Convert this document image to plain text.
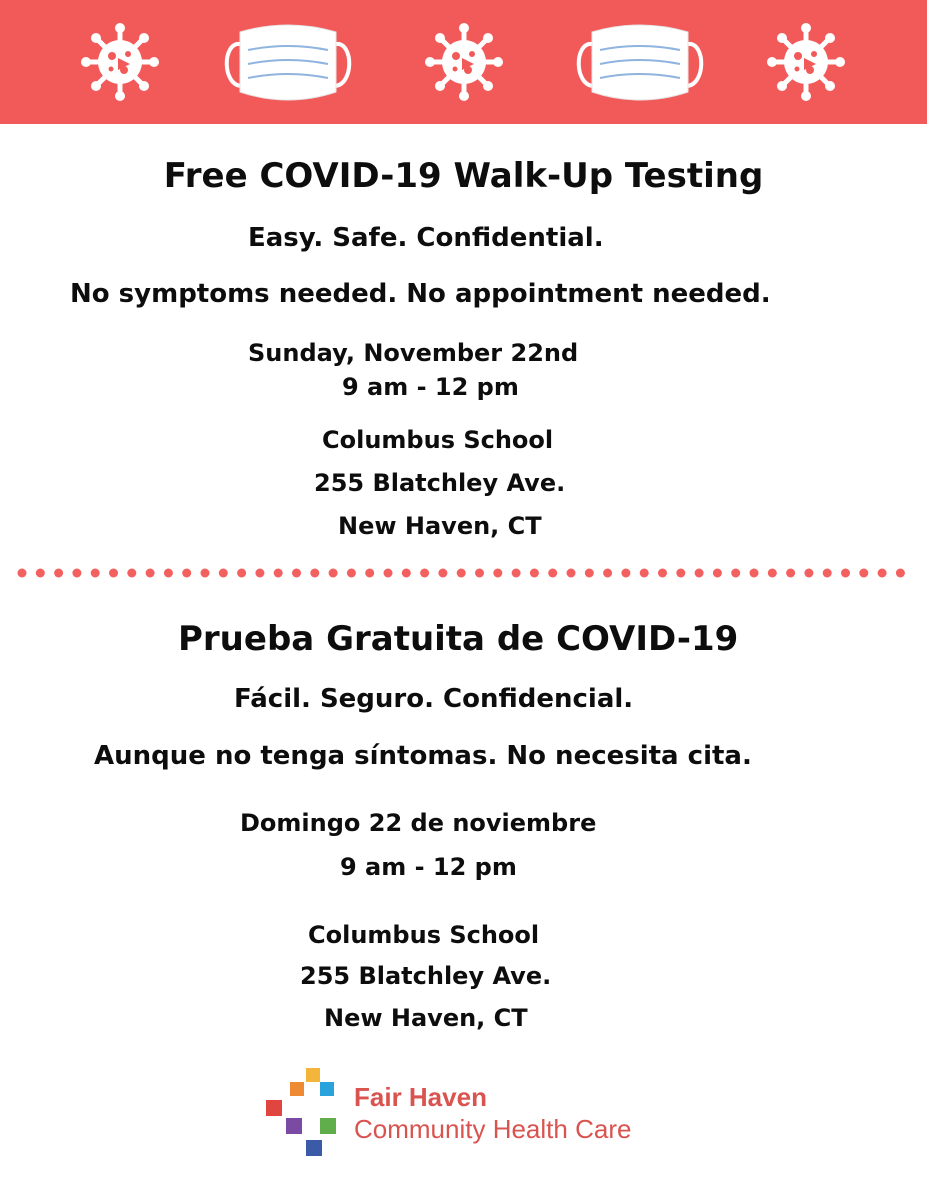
Free COVID-19 Walk-Up Testing

Easy. Safe. Confidential.

No symptoms needed. No appointment needed.

Sunday, November 22nd

9 am - 12 pm

Columbus School

255 Blatchley Ave.

New Haven, CT

Prueba Gratuita de COVID-19

Fácil. Seguro. Confidencial.

Aunque no tenga síntomas. No necesita cita.

Domingo 22 de noviembre

9 am - 12 pm

Columbus School

255 Blatchley Ave.

New Haven, CT

Fair Haven
Community Health Care
